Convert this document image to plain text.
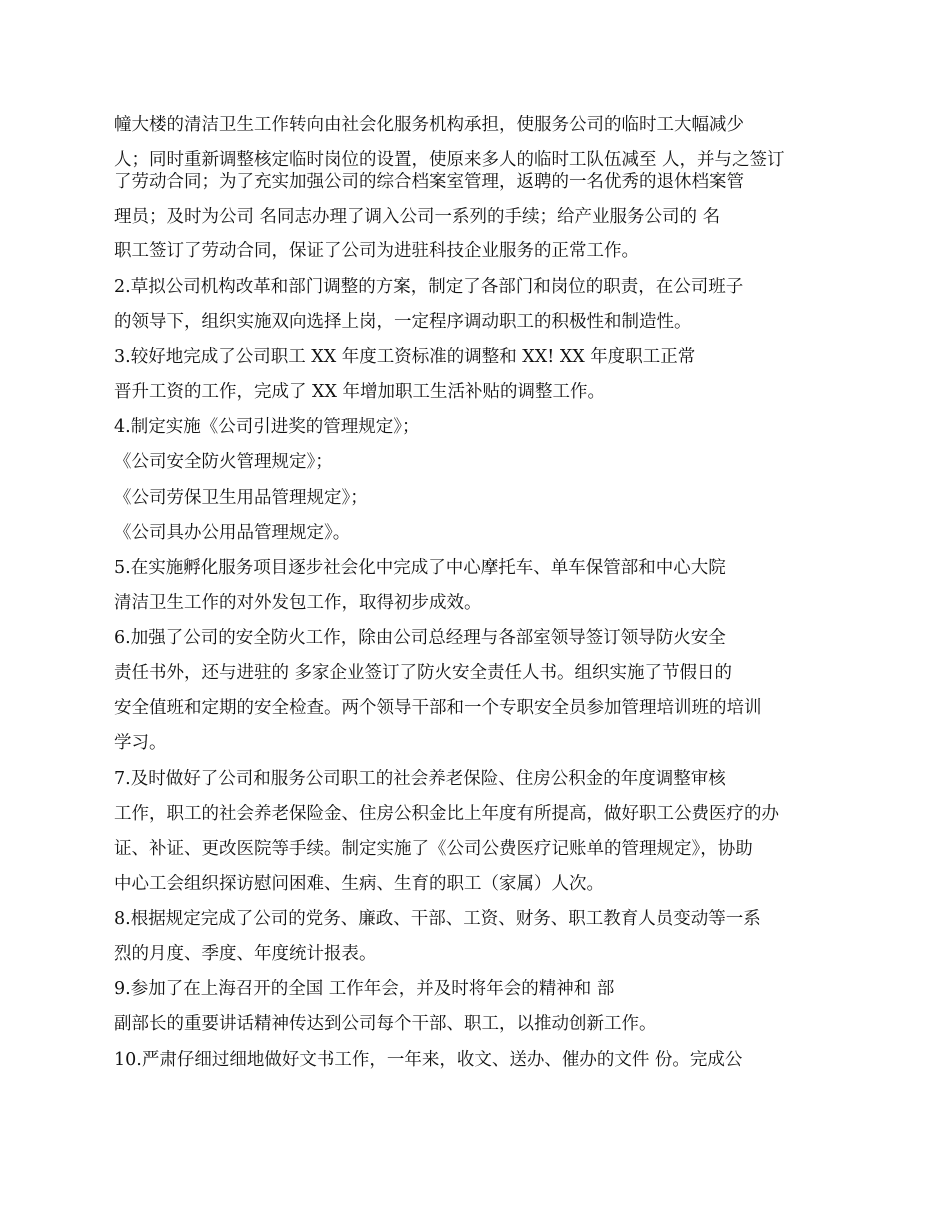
幢大楼的清洁卫生工作转向由社会化服务机构承担，使服务公司的临时工大幅减少
人；同时重新调整核定临时岗位的设置，使原来多人的临时工队伍减至 人，并与之签订
了劳动合同；为了充实加强公司的综合档案室管理，返聘的一名优秀的退休档案管
理员；及时为公司 名同志办理了调入公司一系列的手续；给产业服务公司的 名
职工签订了劳动合同，保证了公司为进驻科技企业服务的正常工作。
2.草拟公司机构改革和部门调整的方案，制定了各部门和岗位的职责，在公司班子
的领导下，组织实施双向选择上岗，一定程序调动职工的积极性和制造性。
3.较好地完成了公司职工 XX 年度工资标准的调整和 XX! XX 年度职工正常
晋升工资的工作，完成了 XX 年增加职工生活补贴的调整工作。
4.制定实施《公司引进奖的管理规定》；
《公司安全防火管理规定》；
《公司劳保卫生用品管理规定》；
《公司具办公用品管理规定》。
5.在实施孵化服务项目逐步社会化中完成了中心摩托车、单车保管部和中心大院
清洁卫生工作的对外发包工作，取得初步成效。
6.加强了公司的安全防火工作，除由公司总经理与各部室领导签订领导防火安全
责任书外，还与进驻的 多家企业签订了防火安全责任人书。组织实施了节假日的
安全值班和定期的安全检查。两个领导干部和一个专职安全员参加管理培训班的培训
学习。
7.及时做好了公司和服务公司职工的社会养老保险、住房公积金的年度调整审核
工作，职工的社会养老保险金、住房公积金比上年度有所提高，做好职工公费医疗的办
证、补证、更改医院等手续。制定实施了《公司公费医疗记账单的管理规定》，协助
中心工会组织探访慰问困难、生病、生育的职工（家属）人次。
8.根据规定完成了公司的党务、廉政、干部、工资、财务、职工教育人员变动等一系
烈的月度、季度、年度统计报表。
9.参加了在上海召开的全国 工作年会，并及时将年会的精神和 部
副部长的重要讲话精神传达到公司每个干部、职工，以推动创新工作。
10.严肃仔细过细地做好文书工作，一年来，收文、送办、催办的文件 份。完成公
